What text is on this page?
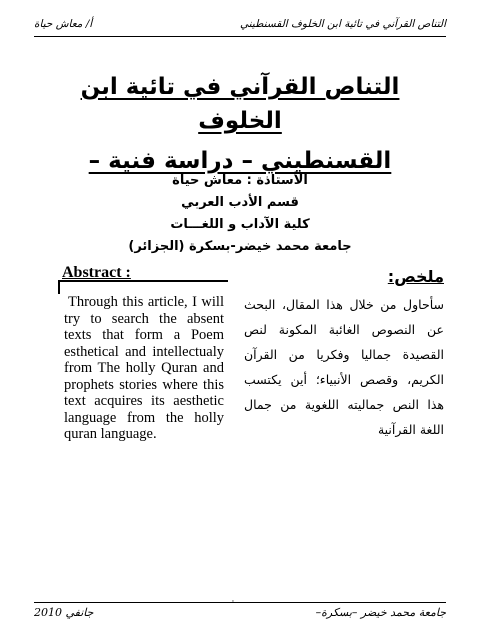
التناص القرآني في تائية ابن الخلوف القسنطيني
أ/ معاش حياة
التناص القرآني في تائية ابن الخلوف
القسنطيني – دراسة فنية –
الأستاذة : معاش حياة
قسم الأدب العربي
كلية الآداب و اللغـــات
جامعة محمد خيضر-بسكرة (الجزائر)
Abstract :	ملخص:
Through this article, I will try to search the absent texts that form a Poem esthetical and intellectualy from The holly Quran and prophets stories where this text acquires its aesthetic language from the holly quran language.
سأحاول من خلال هذا المقال، البحث عن النصوص الغائبة المكونة لنص القصيدة جماليا وفكريا من القرآن الكريم، وقصص الأنبياء؛ أين يكتسب هذا النص جماليته اللغوية من جمال اللغة القرآنية
'
جانفي 2010	جامعة محمد خيضر –بسكرة–
